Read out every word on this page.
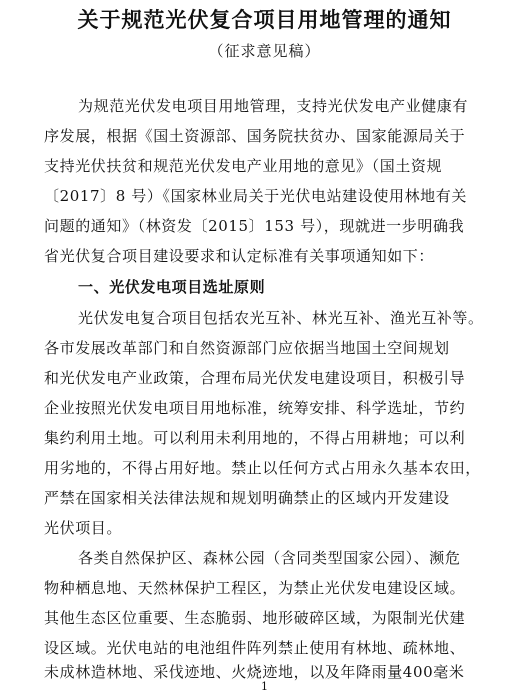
关于规范光伏复合项目用地管理的通知
（征求意见稿）
为规范光伏发电项目用地管理，支持光伏发电产业健康有
序发展，根据《国土资源部、国务院扶贫办、国家能源局关于
支持光伏扶贫和规范光伏发电产业用地的意见》（国土资规
〔2017〕8 号）《国家林业局关于光伏电站建设使用林地有关
问题的通知》（林资发〔2015〕153 号），现就进一步明确我
省光伏复合项目建设要求和认定标准有关事项通知如下：
一、光伏发电项目选址原则
光伏发电复合项目包括农光互补、林光互补、渔光互补等。
各市发展改革部门和自然资源部门应依据当地国土空间规划
和光伏发电产业政策，合理布局光伏发电建设项目，积极引导
企业按照光伏发电项目用地标准，统筹安排、科学选址，节约
集约利用土地。可以利用未利用地的，不得占用耕地；可以利
用劣地的，不得占用好地。禁止以任何方式占用永久基本农田，
严禁在国家相关法律法规和规划明确禁止的区域内开发建设
光伏项目。
各类自然保护区、森林公园（含同类型国家公园）、濒危
物种栖息地、天然林保护工程区，为禁止光伏发电建设区域。
其他生态区位重要、生态脆弱、地形破碎区域，为限制光伏建
设区域。光伏电站的电池组件阵列禁止使用有林地、疏林地、
未成林造林地、采伐迹地、火烧迹地，以及年降雨量400毫米
1
